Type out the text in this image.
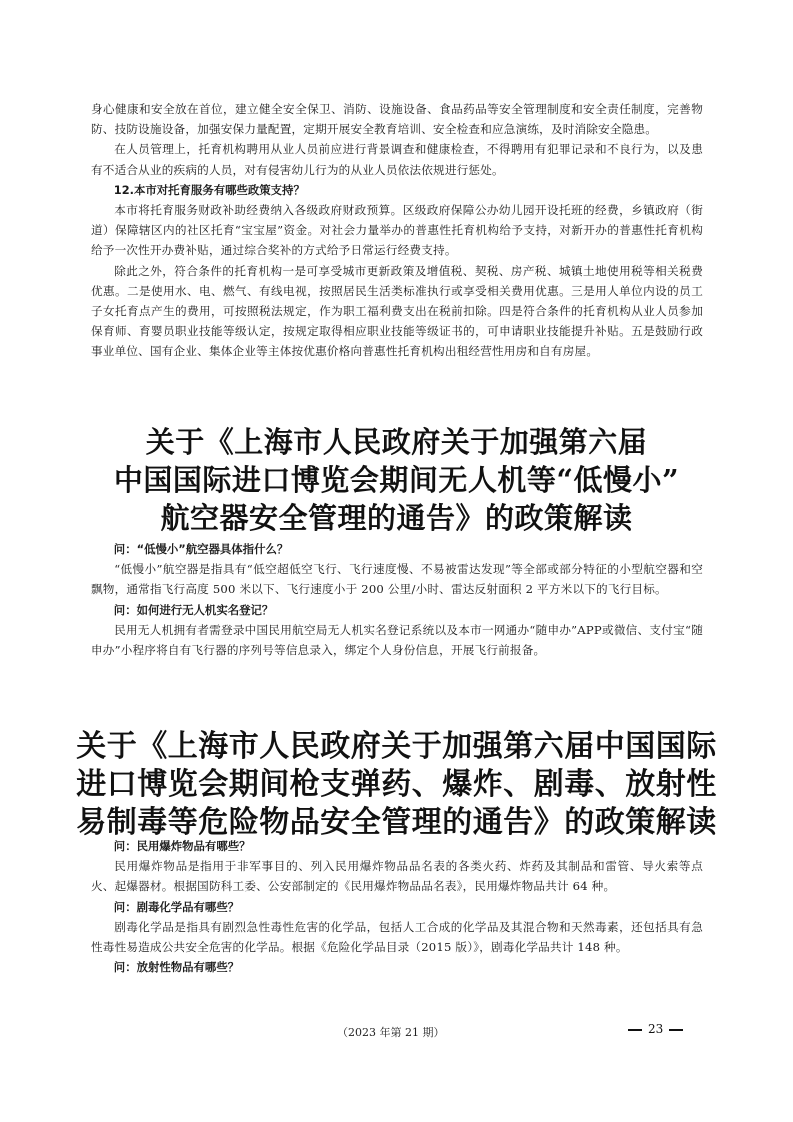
身心健康和安全放在首位，建立健全安全保卫、消防、设施设备、食品药品等安全管理制度和安全责任制度，完善物防、技防设施设备，加强安保力量配置，定期开展安全教育培训、安全检查和应急演练，及时消除安全隐患。

在人员管理上，托育机构聘用从业人员前应进行背景调查和健康检查，不得聘用有犯罪记录和不良行为，以及患有不适合从业的疾病的人员，对有侵害幼儿行为的从业人员依法依规进行惩处。

12.本市对托育服务有哪些政策支持？

本市将托育服务财政补助经费纳入各级政府财政预算。区级政府保障公办幼儿园开设托班的经费，乡镇政府（街道）保障辖区内的社区托育“宝宝屋”资金。对社会力量举办的普惠性托育机构给予支持，对新开办的普惠性托育机构给予一次性开办费补贴，通过综合奖补的方式给予日常运行经费支持。

除此之外，符合条件的托育机构一是可享受城市更新政策及增值税、契税、房产税、城镇土地使用税等相关税费优惠。二是使用水、电、燃气、有线电视，按照居民生活类标准执行或享受相关费用优惠。三是用人单位内设的员工子女托育点产生的费用，可按照税法规定，作为职工福利费支出在税前扣除。四是符合条件的托育机构从业人员参加保育师、育婴员职业技能等级认定，按规定取得相应职业技能等级证书的，可申请职业技能提升补贴。五是鼓励行政事业单位、国有企业、集体企业等主体按优惠价格向普惠性托育机构出租经营性用房和自有房屋。

关于《上海市人民政府关于加强第六届
中国国际进口博览会期间无人机等“低慢小”
航空器安全管理的通告》的政策解读

问：“低慢小”航空器具体指什么？

“低慢小”航空器是指具有“低空超低空飞行、飞行速度慢、不易被雷达发现”等全部或部分特征的小型航空器和空飘物，通常指飞行高度 500 米以下、飞行速度小于 200 公里/小时、雷达反射面积 2 平方米以下的飞行目标。

问：如何进行无人机实名登记？

民用无人机拥有者需登录中国民用航空局无人机实名登记系统以及本市一网通办“随申办”APP或微信、支付宝“随申办”小程序将自有飞行器的序列号等信息录入，绑定个人身份信息，开展飞行前报备。

关于《上海市人民政府关于加强第六届中国国际
进口博览会期间枪支弹药、爆炸、剧毒、放射性
易制毒等危险物品安全管理的通告》的政策解读

问：民用爆炸物品有哪些？

民用爆炸物品是指用于非军事目的、列入民用爆炸物品品名表的各类火药、炸药及其制品和雷管、导火索等点火、起爆器材。根据国防科工委、公安部制定的《民用爆炸物品品名表》，民用爆炸物品共计 64 种。

问：剧毒化学品有哪些？

剧毒化学品是指具有剧烈急性毒性危害的化学品，包括人工合成的化学品及其混合物和天然毒素，还包括具有急性毒性易造成公共安全危害的化学品。根据《危险化学品目录（2015 版）》，剧毒化学品共计 148 种。

问：放射性物品有哪些？

（2023 年第 21 期）	23
